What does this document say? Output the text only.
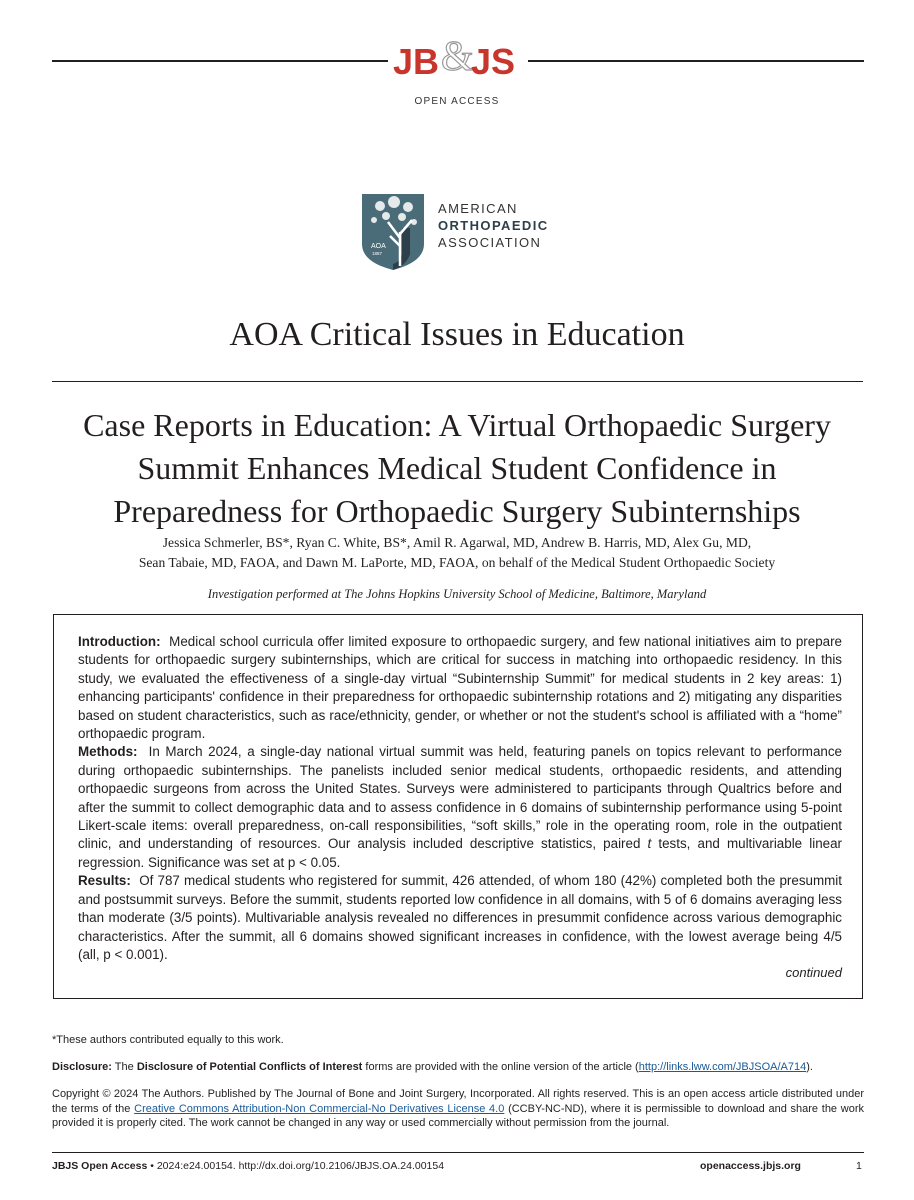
JB &
JS
OPEN ACCESS
AOA
1887
AMERICAN
ORTHOPAEDIC
ASSOCIATION
AOA Critical Issues in Education
Case Reports in Education: A Virtual Orthopaedic Surgery
Summit Enhances Medical Student Confidence in
Preparedness for Orthopaedic Surgery Subinternships
Jessica Schmerler, BS*, Ryan C. White, BS*, Amil R. Agarwal, MD, Andrew B. Harris, MD, Alex Gu, MD,
Sean Tabaie, MD, FAOA, and Dawn M. LaPorte, MD, FAOA, on behalf of the Medical Student Orthopaedic Society
Investigation performed at The Johns Hopkins University School of Medicine, Baltimore, Maryland

Introduction: Medical school curricula offer limited exposure to orthopaedic surgery, and few national initiatives aim to prepare students for orthopaedic surgery subinternships, which are critical for success in matching into orthopaedic residency. In this study, we evaluated the effectiveness of a single-day virtual “Subinternship Summit” for medical students in 2 key areas: 1) enhancing participants' confidence in their preparedness for orthopaedic subinternship rotations and 2) mitigating any disparities based on student characteristics, such as race/ethnicity, gender, or whether or not the student's school is affiliated with a “home” orthopaedic program.

Methods: In March 2024, a single-day national virtual summit was held, featuring panels on topics relevant to performance during orthopaedic subinternships. The panelists included senior medical students, orthopaedic residents, and attending orthopaedic surgeons from across the United States. Surveys were administered to participants through Qualtrics before and after the summit to collect demographic data and to assess confidence in 6 domains of subinternship performance using 5-point Likert-scale items: overall preparedness, on-call responsibilities, “soft skills,” role in the operating room, role in the outpatient clinic, and understanding of resources. Our analysis included descriptive statistics, paired t tests, and multivariable linear regression. Significance was set at p < 0.05.

Results: Of 787 medical students who registered for summit, 426 attended, of whom 180 (42%) completed both the presummit and postsummit surveys. Before the summit, students reported low confidence in all domains, with 5 of 6 domains averaging less than moderate (3/5 points). Multivariable analysis revealed no differences in presummit confidence across various demographic characteristics. After the summit, all 6 domains showed significant increases in confidence, with the lowest average being 4/5 (all, p < 0.001).

continued
*These authors contributed equally to this work.
Disclosure: The Disclosure of Potential Conflicts of Interest forms are provided with the online version of the article (http://links.lww.com/JBJSOA/A714).
Copyright © 2024 The Authors. Published by The Journal of Bone and Joint Surgery, Incorporated. All rights reserved. This is an open access article distributed under the terms of the Creative Commons Attribution-Non Commercial-No Derivatives License 4.0 (CCBY-NC-ND), where it is permissible to download and share the work provided it is properly cited. The work cannot be changed in any way or used commercially without permission from the journal.
JBJS Open Access • 2024:e24.00154. http://dx.doi.org/10.2106/JBJS.OA.24.00154	openaccess.jbjs.org	1
